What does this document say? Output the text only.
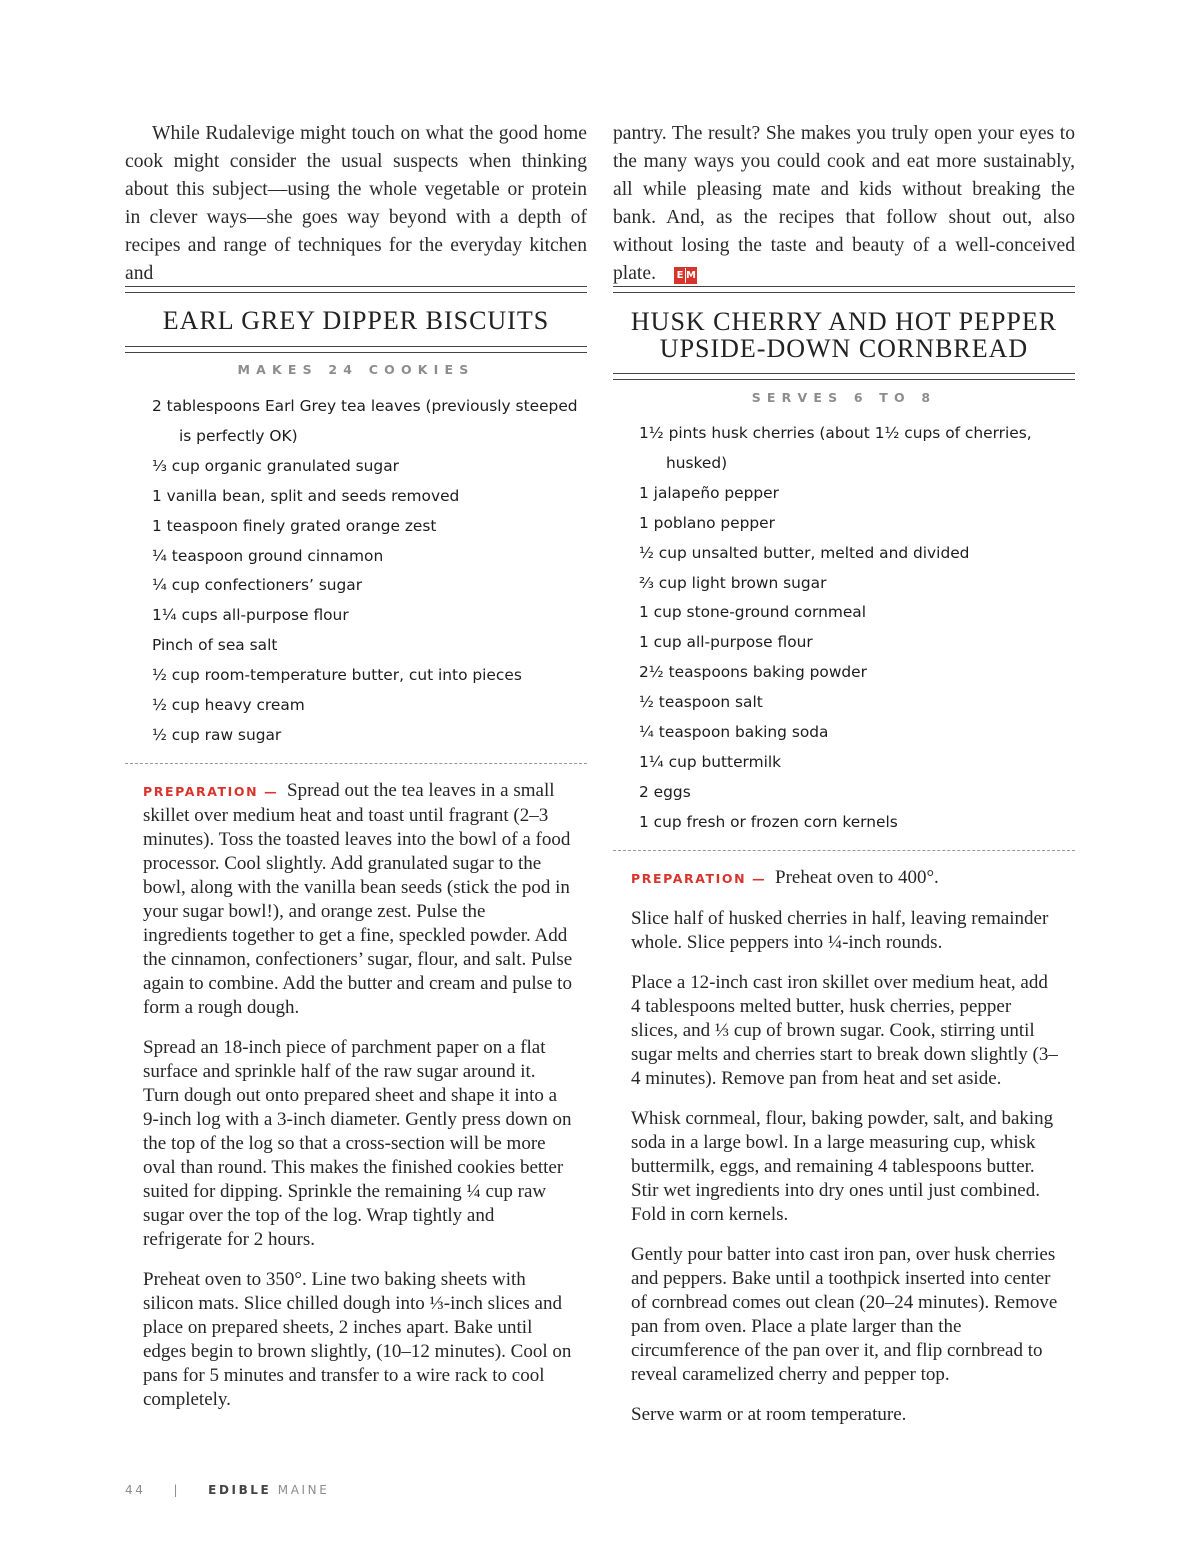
While Rudalevige might touch on what the good home cook might consider the usual suspects when thinking about this subject—using the whole vegetable or protein in clever ways—she goes way beyond with a depth of recipes and range of techniques for the everyday kitchen and

pantry. The result? She makes you truly open your eyes to the many ways you could cook and eat more sustainably, all while pleasing mate and kids without breaking the bank. And, as the recipes that follow shout out, also without losing the taste and beauty of a well-conceived plate. E M

EARL GREY DIPPER BISCUITS
MAKES 24 COOKIES
2 tablespoons Earl Grey tea leaves (previously steeped is perfectly OK)
⅓ cup organic granulated sugar
1 vanilla bean, split and seeds removed
1 teaspoon finely grated orange zest
¼ teaspoon ground cinnamon
¼ cup confectioners’ sugar
1¼ cups all-purpose flour
Pinch of sea salt
½ cup room-temperature butter, cut into pieces
½ cup heavy cream
½ cup raw sugar

PREPARATION — Spread out the tea leaves in a small skillet over medium heat and toast until fragrant (2–3 minutes). Toss the toasted leaves into the bowl of a food processor. Cool slightly. Add granulated sugar to the bowl, along with the vanilla bean seeds (stick the pod in your sugar bowl!), and orange zest. Pulse the ingredients together to get a fine, speckled powder. Add the cinnamon, confectioners’ sugar, flour, and salt. Pulse again to combine. Add the butter and cream and pulse to form a rough dough.

Spread an 18-inch piece of parchment paper on a flat surface and sprinkle half of the raw sugar around it. Turn dough out onto prepared sheet and shape it into a 9-inch log with a 3-inch diameter. Gently press down on the top of the log so that a cross-section will be more oval than round. This makes the finished cookies better suited for dipping. Sprinkle the remaining ¼ cup raw sugar over the top of the log. Wrap tightly and refrigerate for 2 hours.

Preheat oven to 350°. Line two baking sheets with silicon mats. Slice chilled dough into ⅓-inch slices and place on prepared sheets, 2 inches apart. Bake until edges begin to brown slightly, (10–12 minutes). Cool on pans for 5 minutes and transfer to a wire rack to cool completely.

HUSK CHERRY AND HOT PEPPER
UPSIDE-DOWN CORNBREAD
SERVES 6 TO 8
1½ pints husk cherries (about 1½ cups of cherries, husked)
1 jalapeño pepper
1 poblano pepper
½ cup unsalted butter, melted and divided
⅔ cup light brown sugar
1 cup stone-ground cornmeal
1 cup all-purpose flour
2½ teaspoons baking powder
½ teaspoon salt
¼ teaspoon baking soda
1¼ cup buttermilk
2 eggs
1 cup fresh or frozen corn kernels

PREPARATION — Preheat oven to 400°.

Slice half of husked cherries in half, leaving remainder whole. Slice peppers into ¼-inch rounds.

Place a 12-inch cast iron skillet over medium heat, add 4 tablespoons melted butter, husk cherries, pepper slices, and ⅓ cup of brown sugar. Cook, stirring until sugar melts and cherries start to break down slightly (3–4 minutes). Remove pan from heat and set aside.

Whisk cornmeal, flour, baking powder, salt, and baking soda in a large bowl. In a large measuring cup, whisk buttermilk, eggs, and remaining 4 tablespoons butter. Stir wet ingredients into dry ones until just combined. Fold in corn kernels.

Gently pour batter into cast iron pan, over husk cherries and peppers. Bake until a toothpick inserted into center of cornbread comes out clean (20–24 minutes). Remove pan from oven. Place a plate larger than the circumference of the pan over it, and flip cornbread to reveal caramelized cherry and pepper top.

Serve warm or at room temperature.

44 | EDIBLE MAINE
